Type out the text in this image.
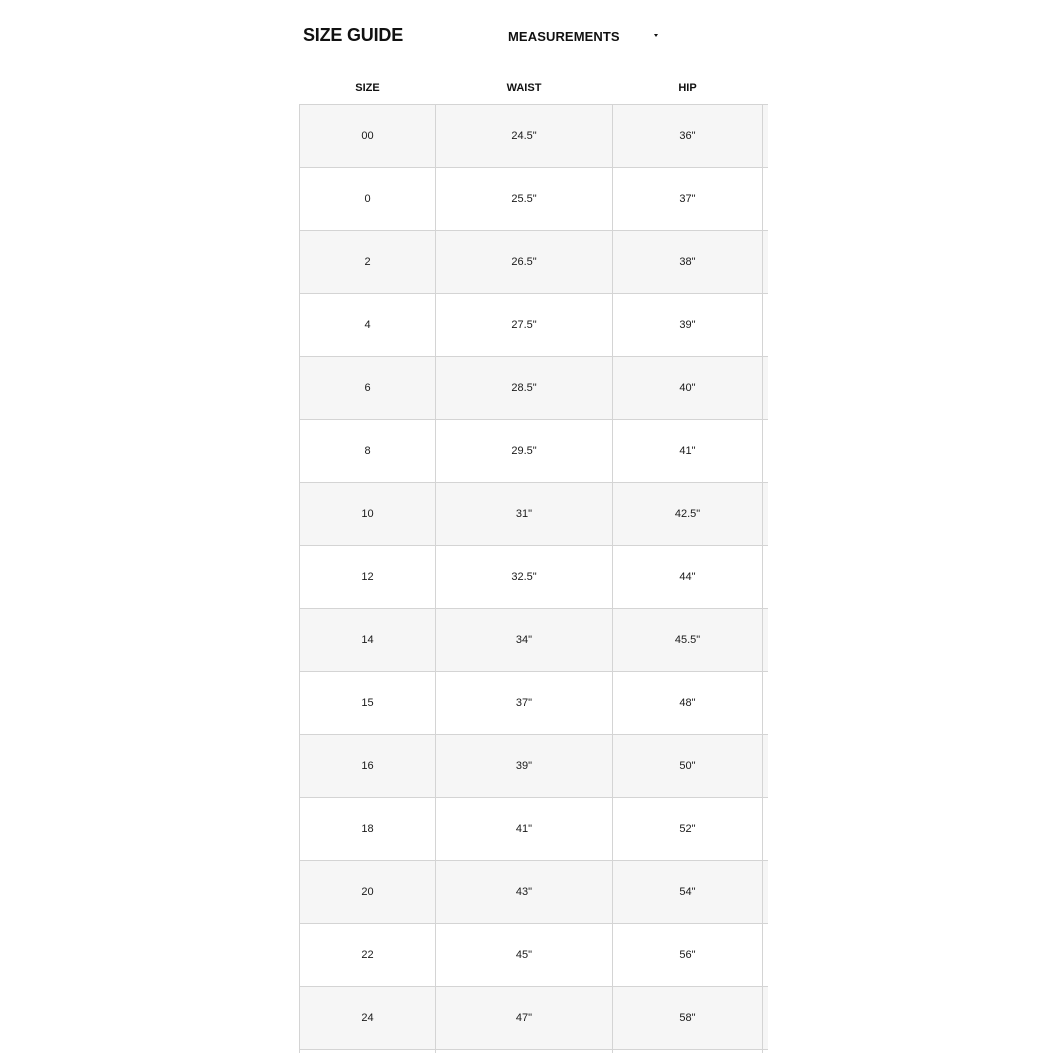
SIZE GUIDE	MEASUREMENTS
SIZE	WAIST	HIP	
00	24.5"	36"	
0	25.5"	37"	
2	26.5"	38"	
4	27.5"	39"	
6	28.5"	40"	
8	29.5"	41"	
10	31"	42.5"	
12	32.5"	44"	
14	34"	45.5"	
15	37"	48"	
16	39"	50"	
18	41"	52"	
20	43"	54"	
22	45"	56"	
24	47"	58"	
